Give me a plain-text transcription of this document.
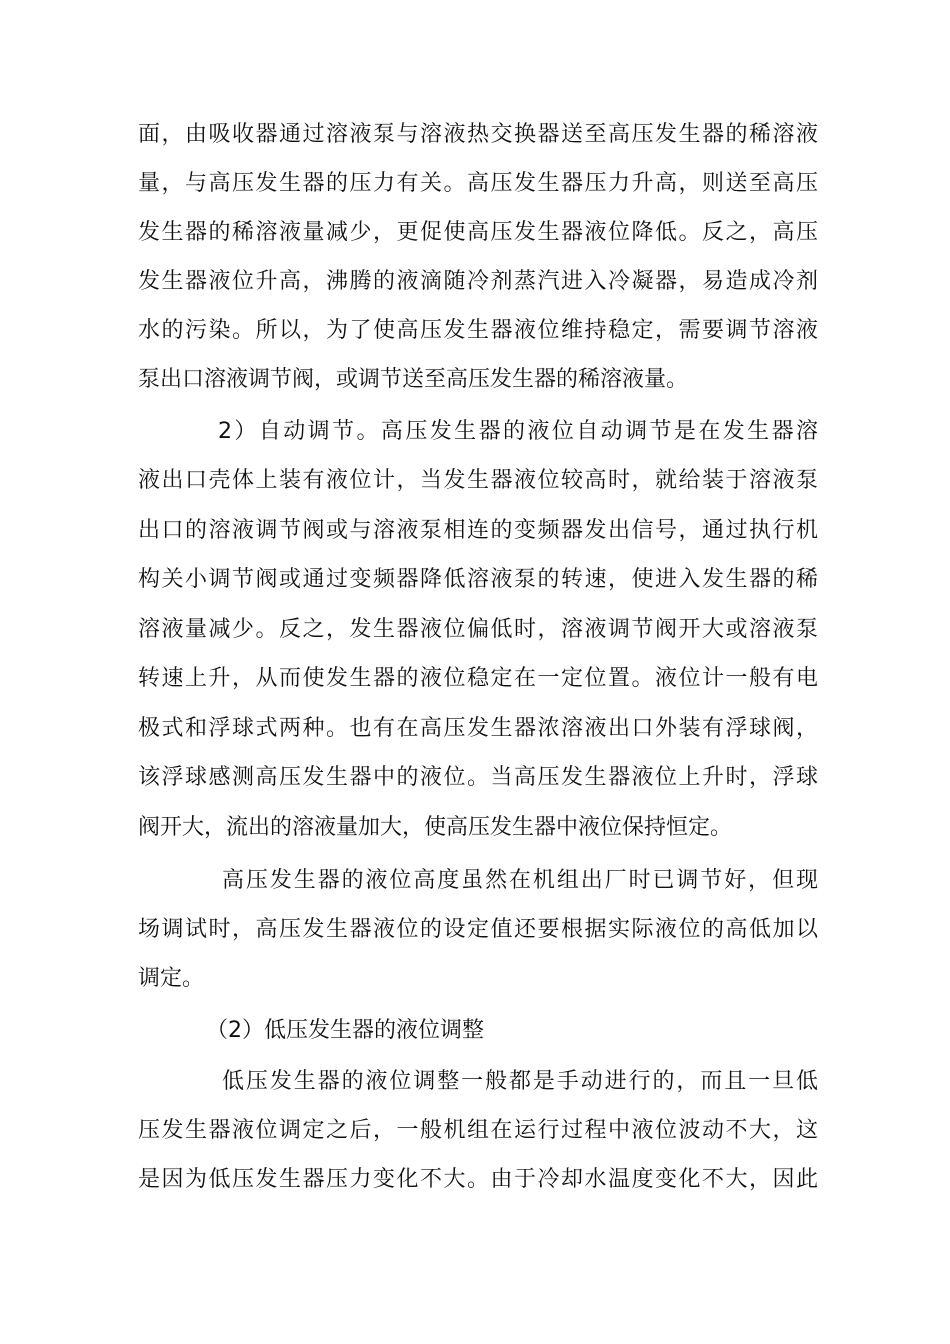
面，由吸收器通过溶液泵与溶液热交换器送至高压发生器的稀溶液
量，与高压发生器的压力有关。高压发生器压力升高，则送至高压
发生器的稀溶液量减少，更促使高压发生器液位降低。反之，高压
发生器液位升高，沸腾的液滴随冷剂蒸汽进入冷凝器，易造成冷剂
水的污染。所以，为了使高压发生器液位维持稳定，需要调节溶液
泵出口溶液调节阀，或调节送至高压发生器的稀溶液量。
2）自动调节。高压发生器的液位自动调节是在发生器溶
液出口壳体上装有液位计，当发生器液位较高时，就给装于溶液泵
出口的溶液调节阀或与溶液泵相连的变频器发出信号，通过执行机
构关小调节阀或通过变频器降低溶液泵的转速，使进入发生器的稀
溶液量减少。反之，发生器液位偏低时，溶液调节阀开大或溶液泵
转速上升，从而使发生器的液位稳定在一定位置。液位计一般有电
极式和浮球式两种。也有在高压发生器浓溶液出口外装有浮球阀，
该浮球感测高压发生器中的液位。当高压发生器液位上升时，浮球
阀开大，流出的溶液量加大，使高压发生器中液位保持恒定。
高压发生器的液位高度虽然在机组出厂时已调节好，但现
场调试时，高压发生器液位的设定值还要根据实际液位的高低加以
调定。
（2）低压发生器的液位调整
低压发生器的液位调整一般都是手动进行的，而且一旦低
压发生器液位调定之后，一般机组在运行过程中液位波动不大，这
是因为低压发生器压力变化不大。由于冷却水温度变化不大，因此
